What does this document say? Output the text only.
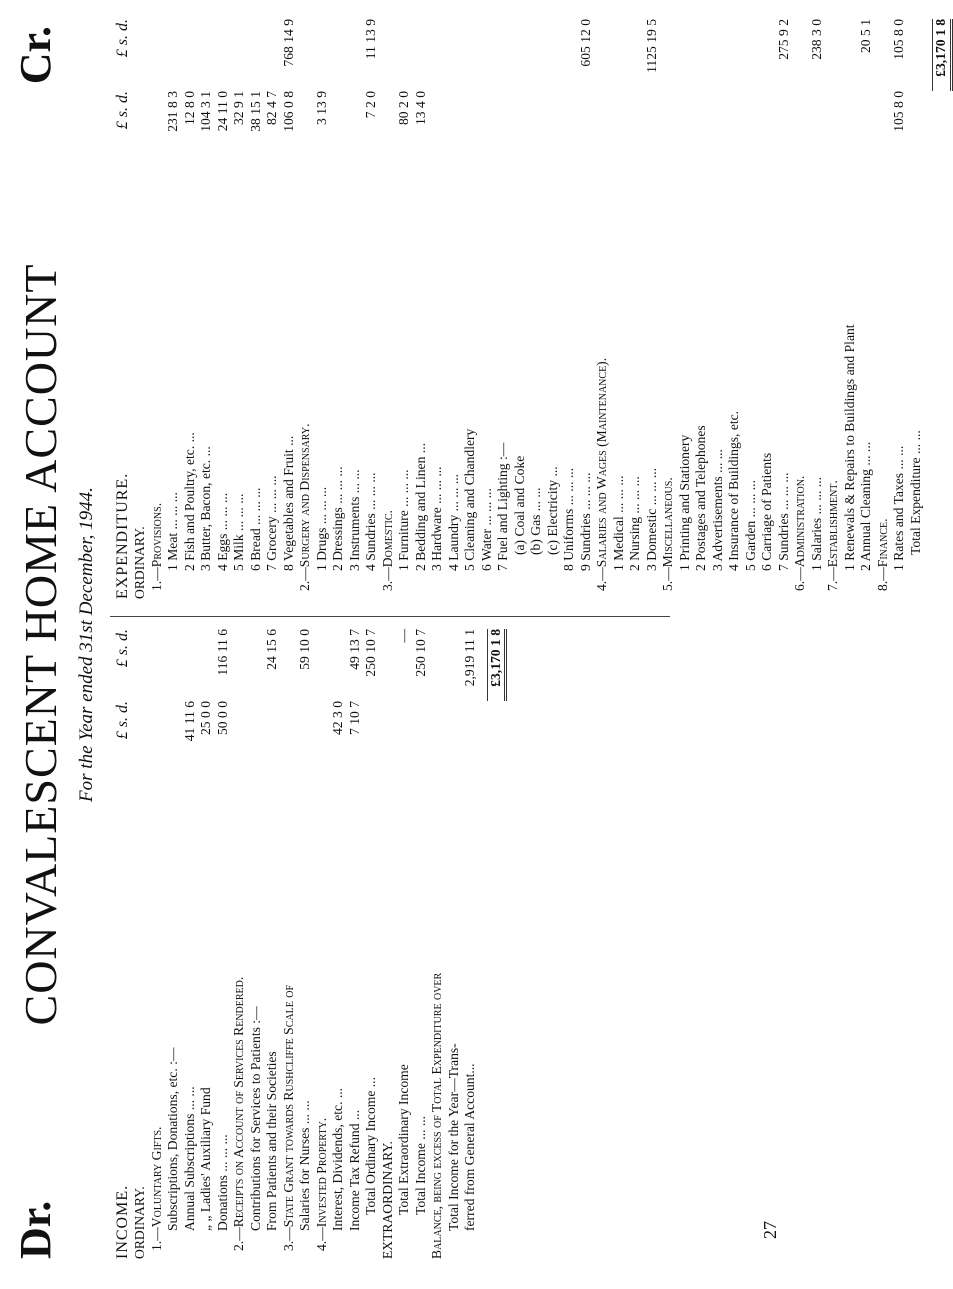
Dr.
CONVALESCENT HOME ACCOUNT
Cr.
For the Year ended 31st December, 1944.
INCOME.
£ s. d.
£ s. d.
ORDINARY. 1.—Voluntary Gifts. Subscriptions, Donations, etc. :— Annual Subscriptions ... ...
41 11 6
„ „ Ladies' Auxiliary Fund
25 0 0
Donations ... ... ...
50 0 0
116 11 6
2.—Receipts on Account of Services Rendered. Contributions for Services to Patients :— From Patients and their Societies
24 15 6
3.—State Grant towards Rushcliffe Scale of Salaries for Nurses ... ...
59 10 0
4.—Invested Property. Interest, Dividends, etc. ...
42 3 0
Income Tax Refund ...
7 10 7
49 13 7
Total Ordinary Income ...
250 10 7
EXTRAORDINARY. Total Extraordinary Income
—
Total Income ... ...
250 10 7
Balance, being excess of Total Expenditure over Total Income for the Year—Trans- ferred from General Account...
2,919 11 1 £3,170 1 8
EXPENDITURE.
£ s. d.
£ s. d.
ORDINARY. 1.—Provisions. 1 Meat ... ... ...
231 8 3
2 Fish and Poultry, etc. ...
12 8 0
3 Butter, Bacon, etc. ...
104 3 1
4 Eggs ... ... ...
24 11 0
5 Milk ... ... ...
32 9 1
6 Bread ... ... ...
38 15 1
7 Grocery ... ... ...
82 4 7
8 Vegetables and Fruit ...
106 0 8
768 14 9
2.—Surgery and Dispensary. 1 Drugs ... ... ...
3 13 9
2 Dressings ... ... ... 3 Instruments ... ... 4 Sundries ... ... ...
7 2 0
11 13 9
3.—Domestic. 1 Furniture ... ... ...
80 2 0
2 Bedding and Linen ...
13 4 0
3 Hardware ... ... ... 4 Laundry ... ... ... 5 Cleaning and Chandlery 6 Water ... ... ... 7 Fuel and Lighting :— (a) Coal and Coke (b) Gas ... ... (c) Electricity ... 8 Uniforms ... ... ... 9 Sundries ... ... ...
605 12 0
4.—Salaries and Wages (Maintenance). 1 Medical ... ... ... 2 Nursing ... ... ... 3 Domestic ... ... ...
1125 19 5
5.—Miscellaneous. 1 Printing and Stationery 2 Postages and Telephones 3 Advertisements ... ... 4 Insurance of Buildings, etc. 5 Garden ... ... ... 6 Carriage of Patients 7 Sundries ... ... ...
275 9 2
6.—Administration. 1 Salaries ... ... ...
238 3 0
7.—Establishment. 1 Renewals & Repairs to Buildings and Plant 2 Annual Cleaning ... ...
20 5 1
8.—Finance. 1 Rates and Taxes ... ...
105 8 0
105 8 0
Total Expenditure ... ...
£3,170 1 8
27
